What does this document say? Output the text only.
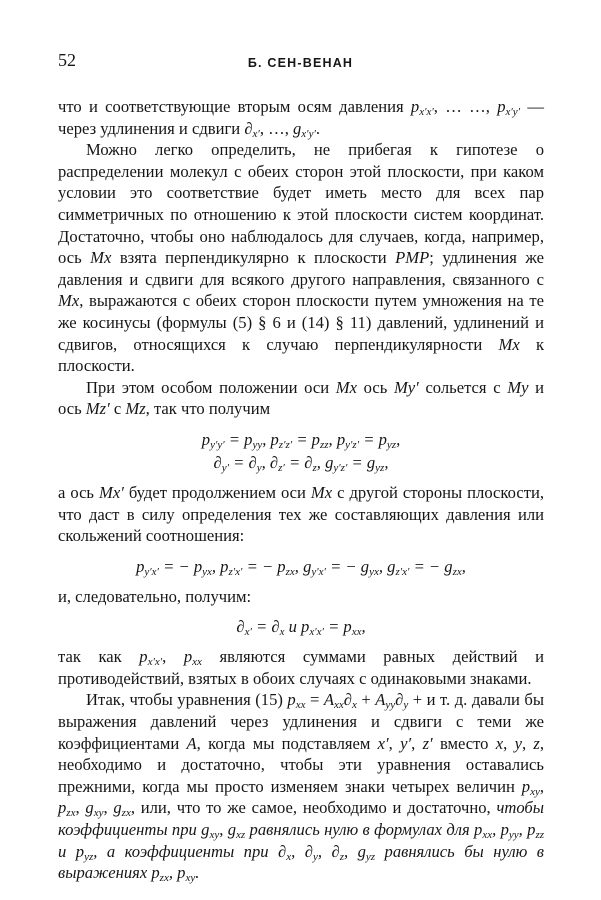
52	Б. СЕН-ВЕНАН

что и соответствующие вторым осям давления $p_{x'x'}$, … …, $p_{x'y'}$ — через удлинения и сдвиги $\partial_{x'}$, …, $g_{x'y'}$.

Можно легко определить, не прибегая к гипотезе о распределении молекул с обеих сторон этой плоскости, при каком условии это соответствие будет иметь место для всех пар симметричных по отношению к этой плоскости систем координат. Достаточно, чтобы оно наблюдалось для случаев, когда, например, ось Mx взята перпендикулярно к плоскости PMP; удлинения же давления и сдвиги для всякого другого направления, связанного с Mx, выражаются с обеих сторон плоскости путем умножения на те же косинусы (формулы (5) § 6 и (14) § 11) давлений, удлинений и сдвигов, относящихся к случаю перпендикулярности Mx к плоскости.

При этом особом положении оси Mx ось My′ сольется с My и ось Mz′ с Mz, так что получим

$p_{y'y'} = p_{yy}$, $p_{z'z'} = p_{zz}$, $p_{y'z'} = p_{yz}$,
$\partial_{y'} = \partial_y$, $\partial_{z'} = \partial_z$, $g_{y'z'} = g_{yz}$,

а ось Mx′ будет продолжением оси Mx с другой стороны плоскости, что даст в силу определения тех же составляющих давления или скольжений соотношения:

$p_{y'x'}$ = − $p_{yx}$, $p_{z'x'}$ = − $p_{zx}$, $g_{y'x'}$ = − $g_{yx}$, $g_{z'x'}$ = − $g_{zx}$,

и, следовательно, получим:

$\partial_{x'} = \partial_x$ и $p_{x'x'} = p_{xx}$,

так как $p_{x'x'}$, $p_{xx}$ являются суммами равных действий и противодействий, взятых в обоих случаях с одинаковыми знаками.

Итак, чтобы уравнения (15) $p_{xx} = A_{xx}\partial_x + A_{yy}\partial_y + и$ т. д. давали бы выражения давлений через удлинения и сдвиги с теми же коэффициентами A, когда мы подставляем x′, y′, z′ вместо x, y, z, необходимо и достаточно, чтобы эти уравнения оставались прежними, когда мы просто изменяем знаки четырех величин $p_{xy}$, $p_{zx}$, $g_{xy}$, $g_{zx}$, или, что то же самое, необходимо и достаточно, чтобы коэффициенты при $g_{xy}$, $g_{xz}$ равнялись нулю в формулах для $p_{xx}$, $p_{yy}$, $p_{zz}$ и $p_{yz}$, а коэффициенты при $\partial_x$, $\partial_y$, $\partial_z$, $g_{yz}$ равнялись бы нулю в выражениях $p_{zx}$, $p_{xy}$.
